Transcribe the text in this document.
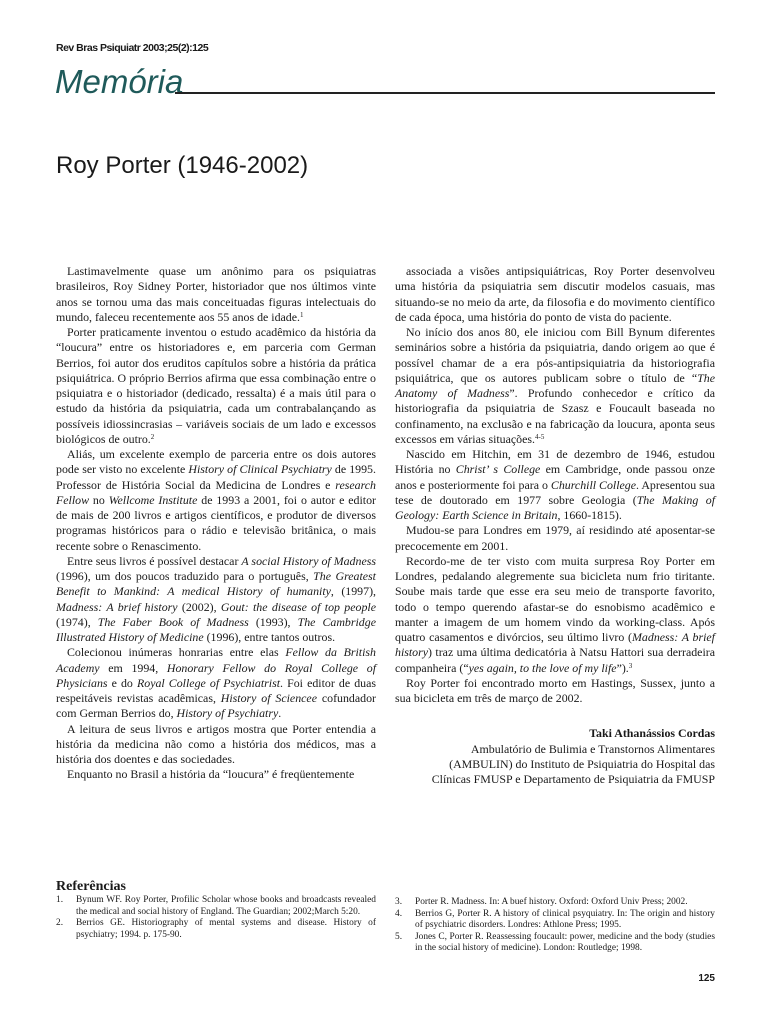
Rev Bras Psiquiatr 2003;25(2):125
Memória
Roy Porter (1946-2002)

Lastimavelmente quase um anônimo para os psiquiatras brasileiros, Roy Sidney Porter, historiador que nos últimos vinte anos se tornou uma das mais conceituadas figuras intelectuais do mundo, faleceu recentemente aos 55 anos de idade.$^1$

Porter praticamente inventou o estudo acadêmico da história da “loucura” entre os historiadores e, em parceria com German Berrios, foi autor dos eruditos capítulos sobre a história da prática psiquiátrica. O próprio Berrios afirma que essa combinação entre o psiquiatra e o historiador (dedicado, ressalta) é a mais útil para o estudo da história da psiquiatria, cada um contrabalançando as possíveis idiossincrasias – variáveis sociais de um lado e excessos biológicos de outro.$^2$

Aliás, um excelente exemplo de parceria entre os dois autores pode ser visto no excelente History of Clinical Psychiatry de 1995. Professor de História Social da Medicina de Londres e research Fellow no Wellcome Institute de 1993 a 2001, foi o autor e editor de mais de 200 livros e artigos científicos, e produtor de diversos programas históricos para o rádio e televisão britânica, o mais recente sobre o Renascimento.

Entre seus livros é possível destacar A social History of Madness (1996), um dos poucos traduzido para o português, The Greatest Benefit to Mankind: A medical History of humanity, (1997), Madness: A brief history (2002), Gout: the disease of top people (1974), The Faber Book of Madness (1993), The Cambridge Illustrated History of Medicine (1996), entre tantos outros.

Colecionou inúmeras honrarias entre elas Fellow da British Academy em 1994, Honorary Fellow do Royal College of Physicians e do Royal College of Psychiatrist. Foi editor de duas respeitáveis revistas acadêmicas, History of Sciencee cofundador com German Berrios do, History of Psychiatry.

A leitura de seus livros e artigos mostra que Porter entendia a história da medicina não como a história dos médicos, mas a história dos doentes e das sociedades.

Enquanto no Brasil a história da “loucura” é freqüentemente

associada a visões antipsiquiátricas, Roy Porter desenvolveu uma história da psiquiatria sem discutir modelos casuais, mas situando-se no meio da arte, da filosofia e do movimento científico de cada época, uma história do ponto de vista do paciente.

No início dos anos 80, ele iniciou com Bill Bynum diferentes seminários sobre a história da psiquiatria, dando origem ao que é possível chamar de a era pós-antipsiquiatria da historiografia psiquiátrica, que os autores publicam sobre o título de “The Anatomy of Madness”. Profundo conhecedor e crítico da historiografia da psiquiatria de Szasz e Foucault baseada no confinamento, na exclusão e na fabricação da loucura, aponta seus excessos em várias situações.$^{4-5}$

Nascido em Hitchin, em 31 de dezembro de 1946, estudou História no Christ’ s College em Cambridge, onde passou onze anos e posteriormente foi para o Churchill College. Apresentou sua tese de doutorado em 1977 sobre Geologia (The Making of Geology: Earth Science in Britain, 1660-1815).

Mudou-se para Londres em 1979, aí residindo até aposentar-se precocemente em 2001.

Recordo-me de ter visto com muita surpresa Roy Porter em Londres, pedalando alegremente sua bicicleta num frio tiritante. Soube mais tarde que esse era seu meio de transporte favorito, todo o tempo querendo afastar-se do esnobismo acadêmico e manter a imagem de um homem vindo da working-class. Após quatro casamentos e divórcios, seu último livro (Madness: A brief history) traz uma última dedicatória à Natsu Hattori sua derradeira companheira (“yes again, to the love of my life”).$^3$

Roy Porter foi encontrado morto em Hastings, Sussex, junto a sua bicicleta em três de março de 2002.

Taki Athanássios Cordas
Ambulatório de Bulimia e Transtornos Alimentares
(AMBULIN) do Instituto de Psiquiatria do Hospital das
Clínicas FMUSP e Departamento de Psiquiatria da FMUSP
Referências
1. Bynum WF. Roy Porter, Profilic Scholar whose books and broadcasts revealed the medical and social history of England. The Guardian; 2002;March 5:20.
2. Berrios GE. Historiography of mental systems and disease. History of psychiatry; 1994. p. 175-90.
3. Porter R. Madness. In: A buef history. Oxford: Oxford Univ Press; 2002.
4. Berrios G, Porter R. A history of clinical psyquiatry. In: The origin and history of psychiatric disorders. Londres: Athlone Press; 1995.
5. Jones C, Porter R. Reassessing foucault: power, medicine and the body (studies in the social history of medicine). London: Routledge; 1998.
125
